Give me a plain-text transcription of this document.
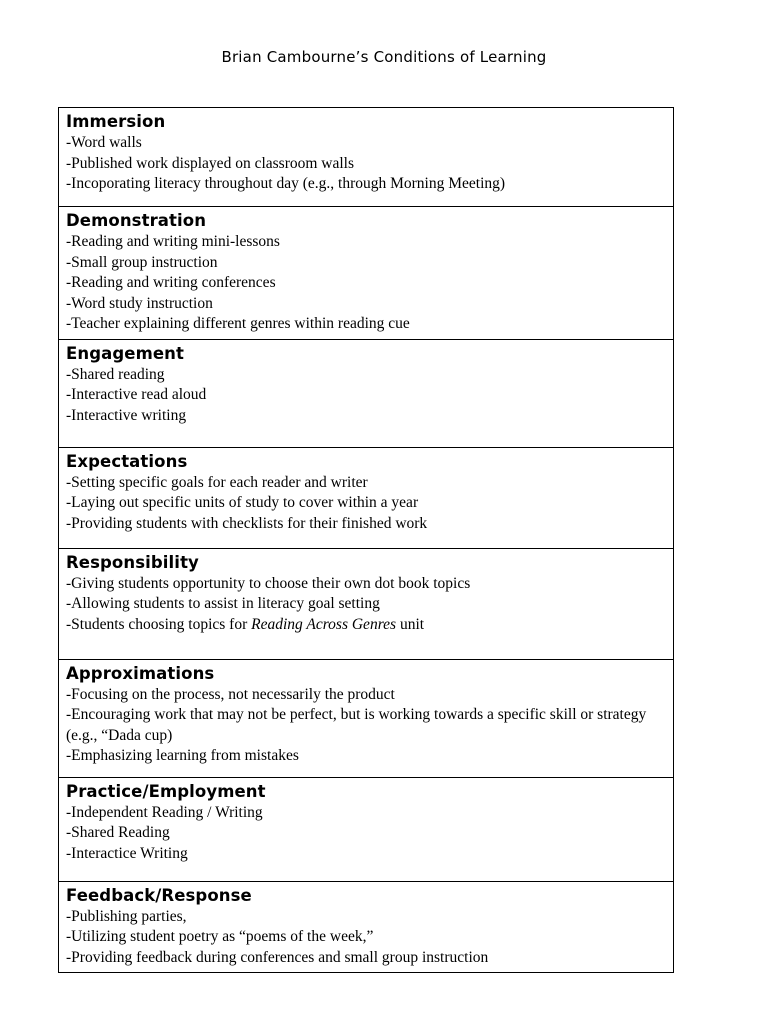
Brian Cambourne’s Conditions of Learning
Immersion
-Word walls
-Published work displayed on classroom walls
-Incoporating literacy throughout day (e.g., through Morning Meeting)

Demonstration
-Reading and writing mini-lessons
-Small group instruction
-Reading and writing conferences
-Word study instruction
-Teacher explaining different genres within reading cue

Engagement
-Shared reading
-Interactive read aloud
-Interactive writing

Expectations
-Setting specific goals for each reader and writer
-Laying out specific units of study to cover within a year
-Providing students with checklists for their finished work

Responsibility
-Giving students opportunity to choose their own dot book topics
-Allowing students to assist in literacy goal setting
-Students choosing topics for Reading Across Genres unit

Approximations
-Focusing on the process, not necessarily the product
-Encouraging work that may not be perfect, but is working towards a specific skill or strategy (e.g., “Dada cup)
-Emphasizing learning from mistakes

Practice/Employment
-Independent Reading / Writing
-Shared Reading
-Interactice Writing

Feedback/Response
-Publishing parties,
-Utilizing student poetry as “poems of the week,”
-Providing feedback during conferences and small group instruction
